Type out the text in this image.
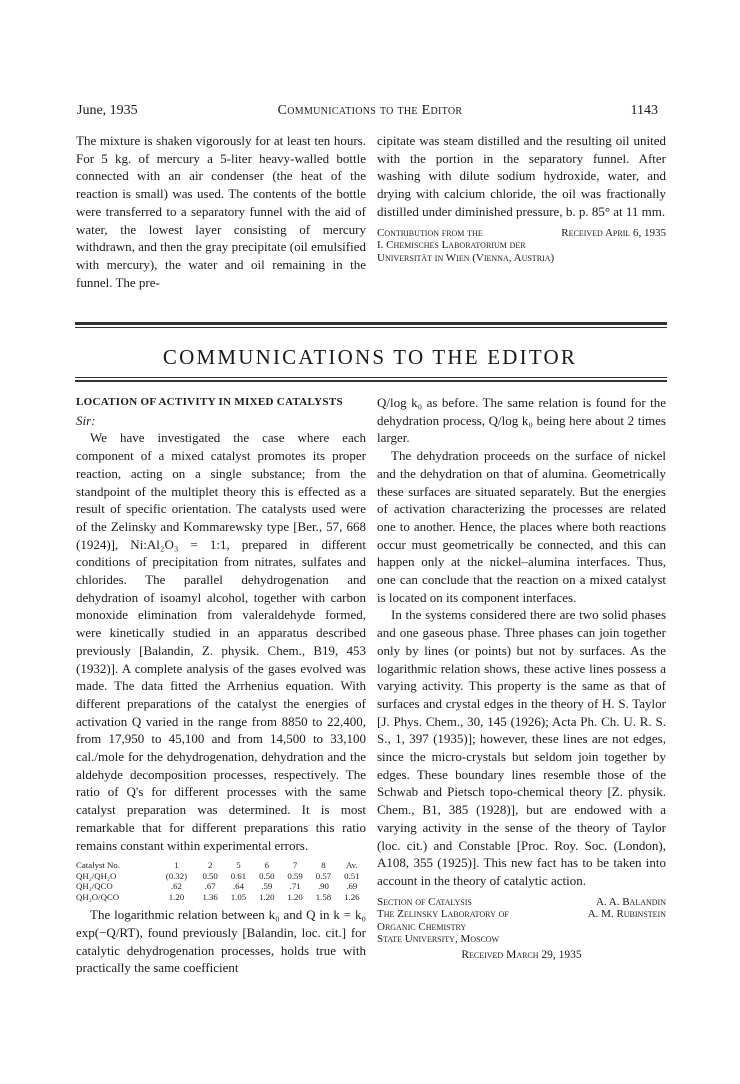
June, 1935	Communications to the Editor	1143

The mixture is shaken vigorously for at least ten hours. For 5 kg. of mercury a 5-liter heavy-walled bottle connected with an air condenser (the heat of the reaction is small) was used. The contents of the bottle were transferred to a separatory funnel with the aid of water, the lowest layer consisting of mercury withdrawn, and then the gray precipitate (oil emulsified with mercury), the water and oil remaining in the funnel. The pre-

cipitate was steam distilled and the resulting oil united with the portion in the separatory funnel. After washing with dilute sodium hydroxide, water, and drying with calcium chloride, the oil was fractionally distilled under diminished pressure, b. p. 85° at 11 mm.

Contribution from the	Received April 6, 1935
I. Chemisches Laboratorium der
Universität in Wien (Vienna, Austria)
COMMUNICATIONS TO THE EDITOR

LOCATION OF ACTIVITY IN MIXED CATALYSTS

Sir:

We have investigated the case where each component of a mixed catalyst promotes its proper reaction, acting on a single substance; from the standpoint of the multiplet theory this is effected as a result of specific orientation. The catalysts used were of the Zelinsky and Kommarewsky type [Ber., 57, 668 (1924)], Ni:Al₂O₃ = 1:1, prepared in different conditions of precipitation from nitrates, sulfates and chlorides. The parallel dehydrogenation and dehydration of isoamyl alcohol, together with carbon monoxide elimination from valeraldehyde formed, were kinetically studied in an apparatus described previously [Balandin, Z. physik. Chem., B19, 453 (1932)]. A complete analysis of the gases evolved was made. The data fitted the Arrhenius equation. With different preparations of the catalyst the energies of activation Q varied in the range from 8850 to 22,400, from 17,950 to 45,100 and from 14,500 to 33,100 cal./mole for the dehydrogenation, dehydration and the aldehyde decomposition processes, respectively. The ratio of Q's for different processes with the same catalyst preparation was determined. It is most remarkable that for different preparations this ratio remains constant within experimental errors.

Catalyst No.	1	2	5	6	7	8	Av.
QH₂/QH₂O	(0.32)	0.50	0.61	0.50	0.59	0.57	0.51
QH₂/QCO	.62	.67	.64	.59	.71	.90	.69
QH₂O/QCO	1.20	1.36	1.05	1.20	1.20	1.58	1.26

The logarithmic relation between k₀ and Q in k = k₀ exp(−Q/RT), found previously [Balandin, loc. cit.] for catalytic dehydrogenation processes, holds true with practically the same coefficient

Q/log k₀ as before. The same relation is found for the dehydration process, Q/log k₀ being here about 2 times larger.

The dehydration proceeds on the surface of nickel and the dehydration on that of alumina. Geometrically these surfaces are situated separately. But the energies of activation characterizing the processes are related one to another. Hence, the places where both reactions occur must geometrically be connected, and this can happen only at the nickel–alumina interfaces. Thus, one can conclude that the reaction on a mixed catalyst is located on its component interfaces.

In the systems considered there are two solid phases and one gaseous phase. Three phases can join together only by lines (or points) but not by surfaces. As the logarithmic relation shows, these active lines possess a varying activity. This property is the same as that of surfaces and crystal edges in the theory of H. S. Taylor [J. Phys. Chem., 30, 145 (1926); Acta Ph. Ch. U. R. S. S., 1, 397 (1935)]; however, these lines are not edges, since the micro-crystals but seldom join together by edges. These boundary lines resemble those of the Schwab and Pietsch topo-chemical theory [Z. physik. Chem., B1, 385 (1928)], but are endowed with a varying activity in the sense of the theory of Taylor (loc. cit.) and Constable [Proc. Roy. Soc. (London), A108, 355 (1925)]. This new fact has to be taken into account in the theory of catalytic action.

Section of Catalysis	A. A. Balandin
The Zelinsky Laboratory of	A. M. Rubinstein
Organic Chemistry	
State University, Moscow	
Received March 29, 1935
